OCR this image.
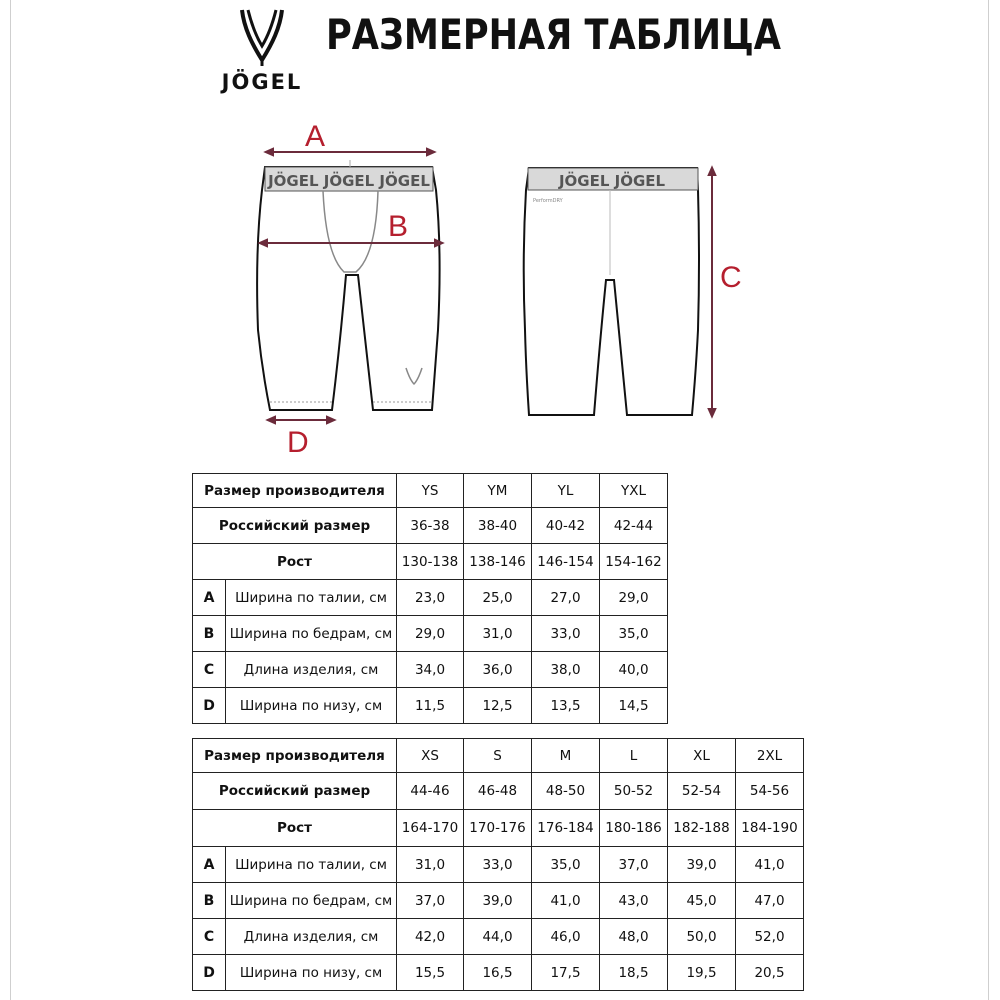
JÖGEL
РАЗМЕРНАЯ ТАБЛИЦА
JÖGEL JÖGEL JÖGEL
A
B
D
JÖGEL JÖGEL
PerformDRY
C
Размер производителя		YS	YM	YL	YXL
Российский размер		36-38	38-40	40-42	42-44
Рост		130-138	138-146	146-154	154-162
A	Ширина по талии, см	23,0	25,0	27,0	29,0
B	Ширина по бедрам, см	29,0	31,0	33,0	35,0
C	Длина изделия, см	34,0	36,0	38,0	40,0
D	Ширина по низу, см	11,5	12,5	13,5	14,5
Размер производителя		XS	S	M	L	XL	2XL
Российский размер		44-46	46-48	48-50	50-52	52-54	54-56
Рост		164-170	170-176	176-184	180-186	182-188	184-190
A	Ширина по талии, см	31,0	33,0	35,0	37,0	39,0	41,0
B	Ширина по бедрам, см	37,0	39,0	41,0	43,0	45,0	47,0
C	Длина изделия, см	42,0	44,0	46,0	48,0	50,0	52,0
D	Ширина по низу, см	15,5	16,5	17,5	18,5	19,5	20,5
